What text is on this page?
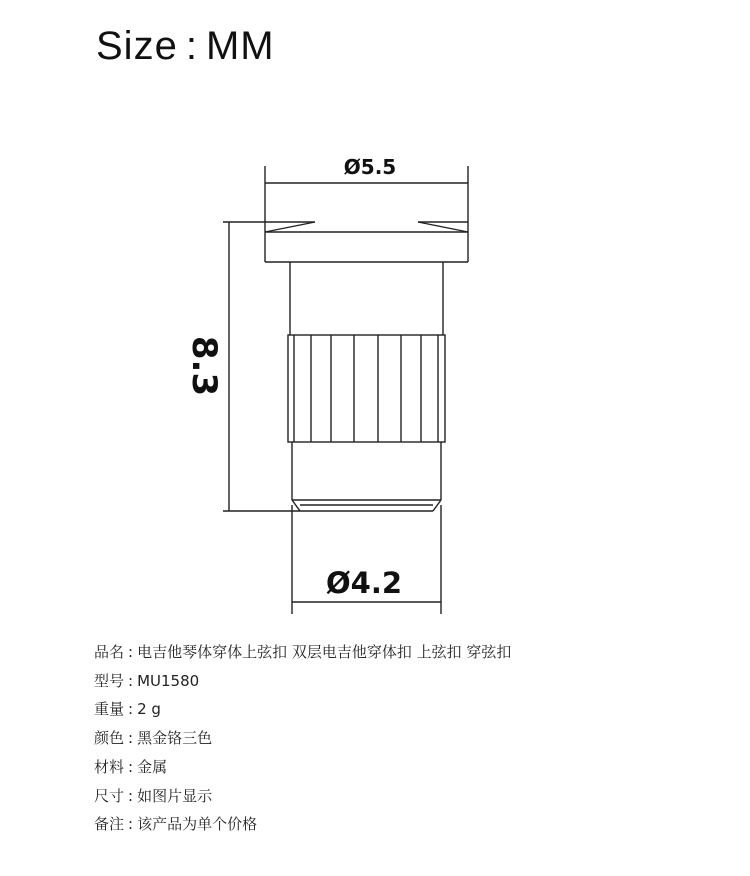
Size : MM
Ø5.5
8.3
Ø4.2
品名 : 电吉他琴体穿体上弦扣 双层电吉他穿体扣 上弦扣 穿弦扣
型号 : MU1580
重量 : 2 g
颜色 : 黑金铬三色
材料 : 金属
尺寸 : 如图片显示
备注 : 该产品为单个价格
